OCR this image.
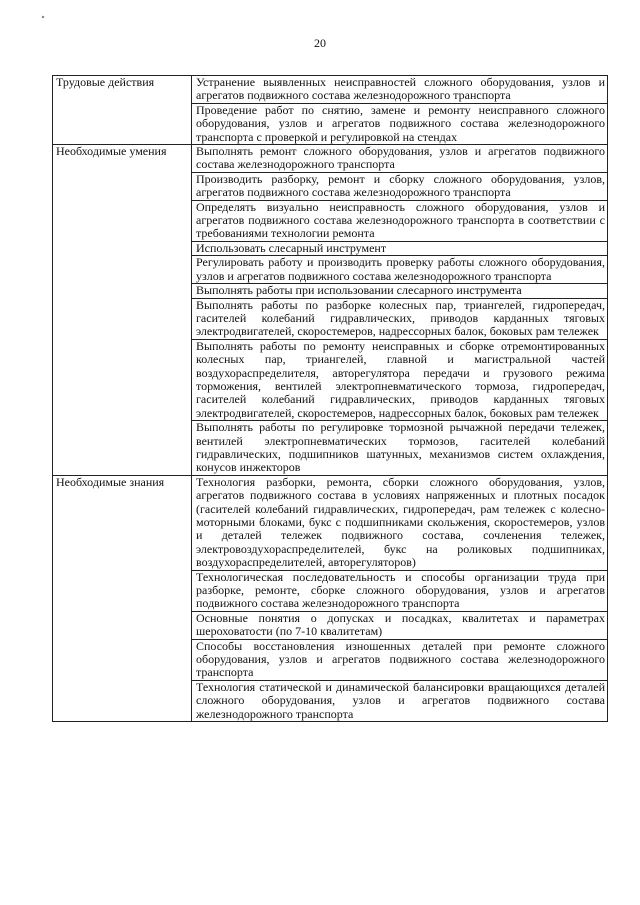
20
Трудовые действия	Устранение выявленных неисправностей сложного оборудования, узлов и агрегатов подвижного состава железнодорожного транспорта
	Проведение работ по снятию, замене и ремонту неисправного сложного оборудования, узлов и агрегатов подвижного состава железнодорожного транспорта с проверкой и регулировкой на стендах
Необходимые умения	Выполнять ремонт сложного оборудования, узлов и агрегатов подвижного состава железнодорожного транспорта
	Производить разборку, ремонт и сборку сложного оборудования, узлов, агрегатов подвижного состава железнодорожного транспорта
	Определять визуально неисправность сложного оборудования, узлов и агрегатов подвижного состава железнодорожного транспорта в соответствии с требованиями технологии ремонта
	Использовать слесарный инструмент
	Регулировать работу и производить проверку работы сложного оборудования, узлов и агрегатов подвижного состава железнодорожного транспорта
	Выполнять работы при использовании слесарного инструмента
	Выполнять работы по разборке колесных пар, триангелей, гидропередач, гасителей колебаний гидравлических, приводов карданных тяговых электродвигателей, скоростемеров, надрессорных балок, боковых рам тележек
	Выполнять работы по ремонту неисправных и сборке отремонтированных колесных пар, триангелей, главной и магистральной частей воздухораспределителя, авторегулятора передачи и грузового режима торможения, вентилей электропневматического тормоза, гидропередач, гасителей колебаний гидравлических, приводов карданных тяговых электродвигателей, скоростемеров, надрессорных балок, боковых рам тележек
	Выполнять работы по регулировке тормозной рычажной передачи тележек, вентилей электропневматических тормозов, гасителей колебаний гидравлических, подшипников шатунных, механизмов систем охлаждения, конусов инжекторов
Необходимые знания	Технология разборки, ремонта, сборки сложного оборудования, узлов, агрегатов подвижного состава в условиях напряженных и плотных посадок (гасителей колебаний гидравлических, гидропередач, рам тележек с колесно-моторными блоками, букс с подшипниками скольжения, скоростемеров, узлов и деталей тележек подвижного состава, сочленения тележек, электровоздухораспределителей, букс на роликовых подшипниках, воздухораспределителей, авторегуляторов)
	Технологическая последовательность и способы организации труда при разборке, ремонте, сборке сложного оборудования, узлов и агрегатов подвижного состава железнодорожного транспорта
	Основные понятия о допусках и посадках, квалитетах и параметрах шероховатости (по 7-10 квалитетам)
	Способы восстановления изношенных деталей при ремонте сложного оборудования, узлов и агрегатов подвижного состава железнодорожного транспорта
	Технология статической и динамической балансировки вращающихся деталей сложного оборудования, узлов и агрегатов подвижного состава железнодорожного транспорта
